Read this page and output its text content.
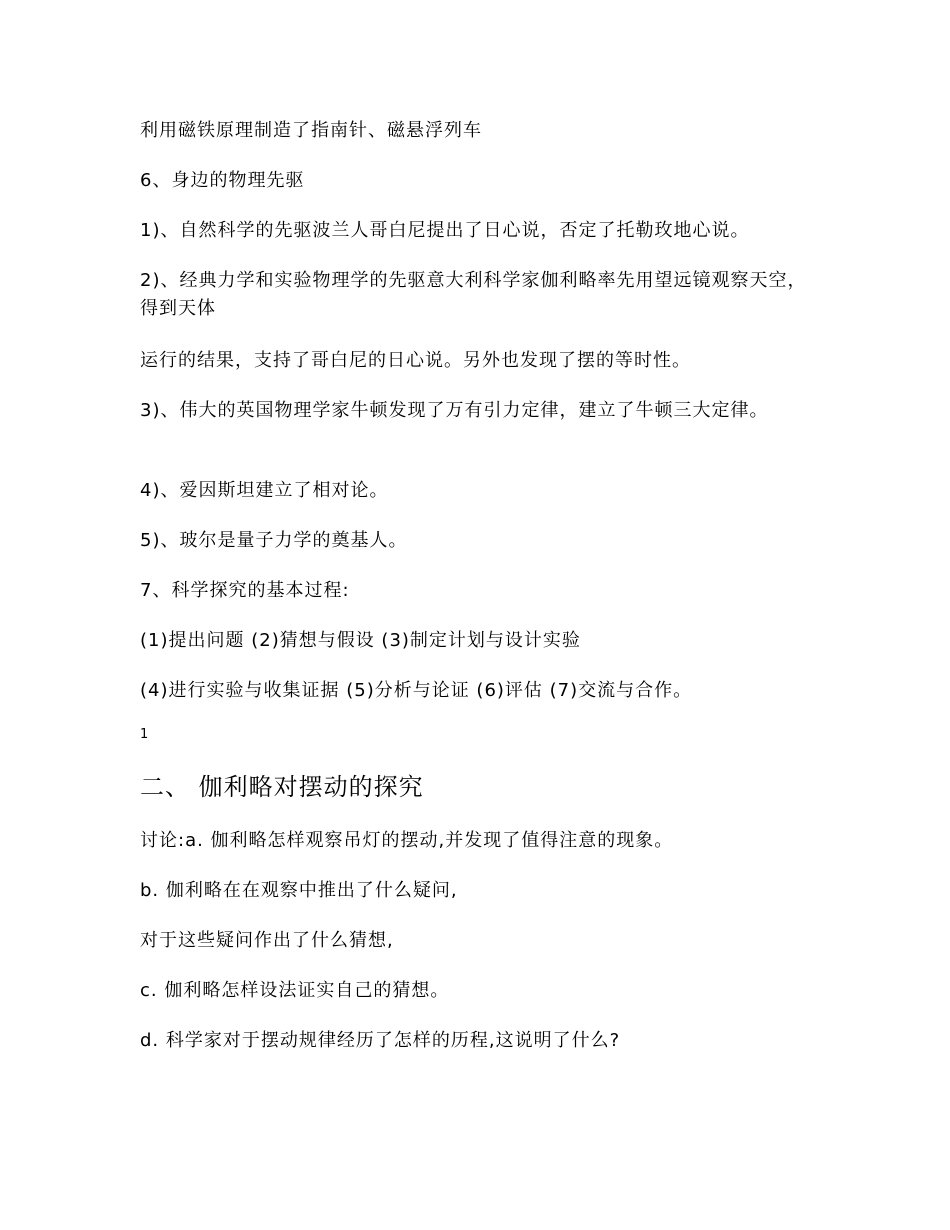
利用磁铁原理制造了指南针、磁悬浮列车
6、身边的物理先驱
1)、自然科学的先驱波兰人哥白尼提出了日心说，否定了托勒玫地心说。
2)、经典力学和实验物理学的先驱意大利科学家伽利略率先用望远镜观察天空，得到天体
运行的结果，支持了哥白尼的日心说。另外也发现了摆的等时性。
3)、伟大的英国物理学家牛顿发现了万有引力定律，建立了牛顿三大定律。
4)、爱因斯坦建立了相对论。
5)、玻尔是量子力学的奠基人。
7、科学探究的基本过程:
(1)提出问题 (2)猜想与假设 (3)制定计划与设计实验
(4)进行实验与收集证据 (5)分析与论证 (6)评估 (7)交流与合作。
1
二、 伽利略对摆动的探究
讨论:a. 伽利略怎样观察吊灯的摆动,并发现了值得注意的现象。
b. 伽利略在在观察中推出了什么疑问,
对于这些疑问作出了什么猜想,
c. 伽利略怎样设法证实自己的猜想。
d. 科学家对于摆动规律经历了怎样的历程,这说明了什么?
